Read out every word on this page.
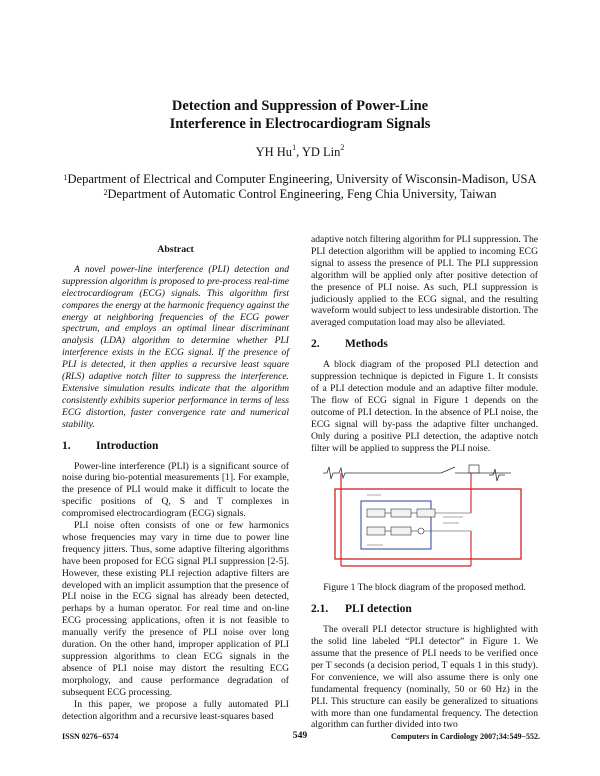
Detection and Suppression of Power-Line
Interference in Electrocardiogram Signals
YH Hu$^1$, YD Lin$^2$
$^1$Department of Electrical and Computer Engineering, University of Wisconsin-Madison, USA
$^2$Department of Automatic Control Engineering, Feng Chia University, Taiwan
Abstract

A novel power-line interference (PLI) detection and suppression algorithm is proposed to pre-process real-time electrocardiogram (ECG) signals. This algorithm first compares the energy at the harmonic frequency against the energy at neighboring frequencies of the ECG power spectrum, and employs an optimal linear discriminant analysis (LDA) algorithm to determine whether PLI interference exists in the ECG signal. If the presence of PLI is detected, it then applies a recursive least square (RLS) adaptive notch filter to suppress the interference. Extensive simulation results indicate that the algorithm consistently exhibits superior performance in terms of less ECG distortion, faster convergence rate and numerical stability.

1.	Introduction

Power-line interference (PLI) is a significant source of noise during bio-potential measurements [1]. For example, the presence of PLI would make it difficult to locate the specific positions of Q, S and T complexes in compromised electrocardiogram (ECG) signals.

PLI noise often consists of one or few harmonics whose frequencies may vary in time due to power line frequency jitters. Thus, some adaptive filtering algorithms have been proposed for ECG signal PLI suppression [2-5]. However, these existing PLI rejection adaptive filters are developed with an implicit assumption that the presence of PLI noise in the ECG signal has already been detected, perhaps by a human operator. For real time and on-line ECG processing applications, often it is not feasible to manually verify the presence of PLI noise over long duration. On the other hand, improper application of PLI suppression algorithms to clean ECG signals in the absence of PLI noise may distort the resulting ECG morphology, and cause performance degradation of subsequent ECG processing.

In this paper, we propose a fully automated PLI detection algorithm and a recursive least-squares based

adaptive notch filtering algorithm for PLI suppression. The PLI detection algorithm will be applied to incoming ECG signal to assess the presence of PLI. The PLI suppression algorithm will be applied only after positive detection of the presence of PLI noise. As such, PLI suppression is judiciously applied to the ECG signal, and the resulting waveform would subject to less undesirable distortion. The averaged computation load may also be alleviated.

2.	Methods

A block diagram of the proposed PLI detection and suppression technique is depicted in Figure 1. It consists of a PLI detection module and an adaptive filter module. The flow of ECG signal in Figure 1 depends on the outcome of PLI detection. In the absence of PLI noise, the ECG signal will by-pass the adaptive filter unchanged. Only during a positive PLI detection, the adaptive notch filter will be applied to suppress the PLI noise.

Figure 1 The block diagram of the proposed method.
2.1.	PLI detection

The overall PLI detector structure is highlighted with the solid line labeled “PLI detector” in Figure 1. We assume that the presence of PLI needs to be verified once per T seconds (a decision period, T equals 1 in this study). For convenience, we will also assume there is only one fundamental frequency (nominally, 50 or 60 Hz) in the PLI. This structure can easily be generalized to situations with more than one fundamental frequency. The detection algorithm can further divided into two

ISSN 0276−6574	549	Computers in Cardiology 2007;34:549−552.
